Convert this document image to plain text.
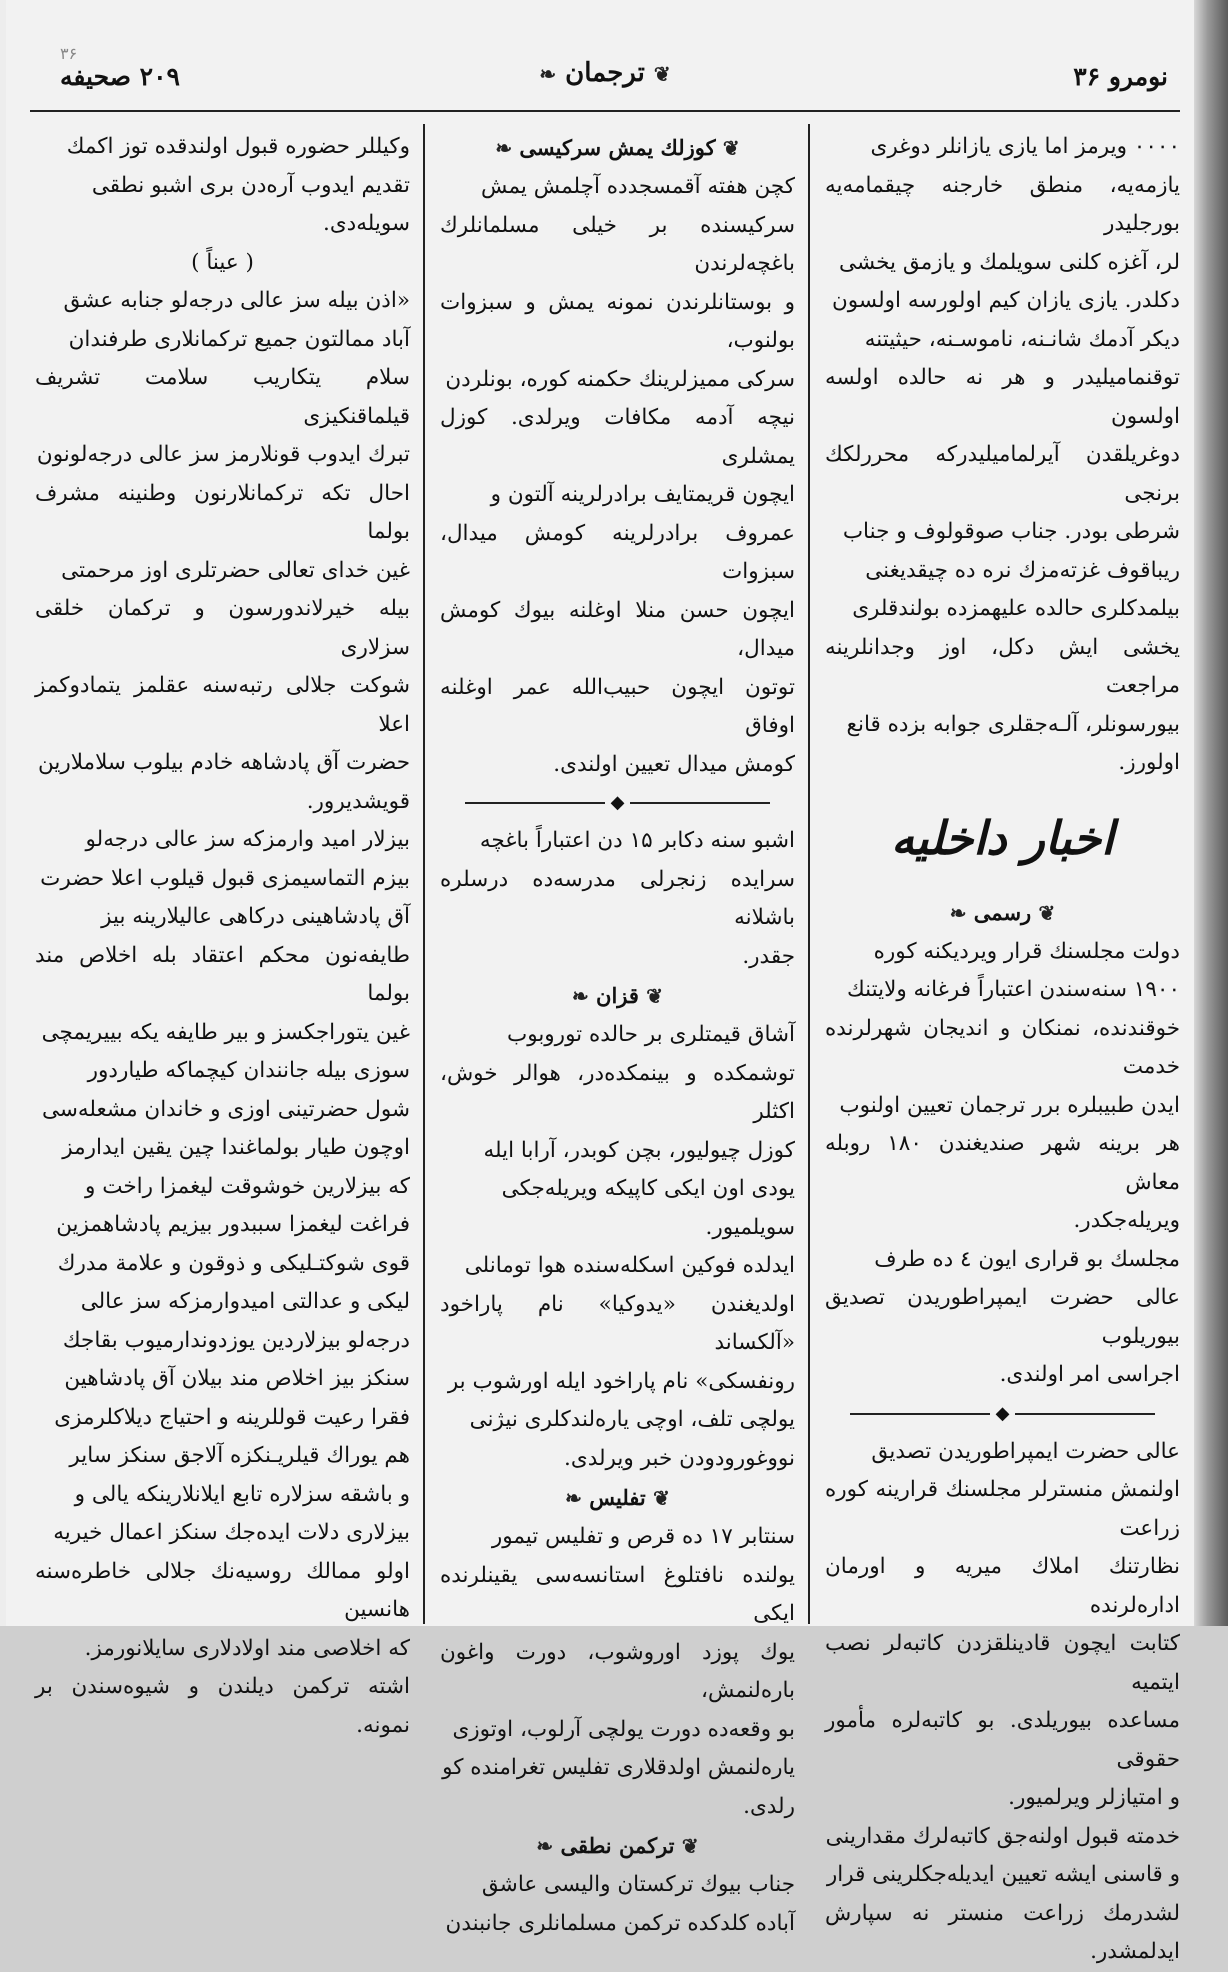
نومرو ۳۶
❦ ترجمان ❧
۳۶
۲۰۹ صحیفه

۰۰۰۰ ویرمز اما یازی یازانلر دوغری

یازمه‌یه، منطق خارجنه چیقمامه‌یه بورجلیدر

لر، آغزه کلنی سویلمك و یازمق یخشی

دکلدر. یازی یازان کیم اولورسه اولسون

دیکر آدمك شانـنه، ناموسـنه، حیثیتنه

توقنمامیلیدر و هر نه حالده اولسه اولسون

دوغریلقدن آیرلمامیلیدرکه محررلکك برنجی

شرطی بودر. جناب صوقولوف و جناب

ریباقوف غزته‌مزك نره ده چیقدیغنی

بیلمدکلری حالده علیهمزده بولندقلری

یخشی ایش دکل، اوز وجدانلرینه مراجعت

بیورسونلر، آلـه‌جقلری جوابه بزده قانع

اولورز.

اخبار داخلیه
❦ رسمی ❧

دولت مجلسنك قرار ویردیکنه کوره

۱۹۰۰ سنه‌سندن اعتباراً فرغانه ولایتنك

خوقندنده، نمنکان و اندیجان شهرلرنده خدمت

ایدن طبیبلره برر ترجمان تعیین اولنوب

هر برینه شهر صندیغندن ۱۸۰ روبله معاش

ویریله‌جکدر.

مجلسك بو قراری ایون ٤ ده طرف

عالی حضرت ایمپراطوریدن تصدیق بیوریلوب

اجراسی امر اولندی.

◆

عالی حضرت ایمپراطوریدن تصدیق

اولنمش منسترلر مجلسنك قرارینه کوره زراعت

نظارتنك املاك میریه و اورمان اداره‌لرنده

کتابت ایچون قادینلقزدن کاتبه‌لر نصب ایتمیه

مساعده بیوریلدی. بو کاتبه‌لره مأمور حقوقی

و امتیازلر ویرلمیور.

خدمته قبول اولنه‌جق کاتبه‌لرك مقدارینی

و قاسنی ایشه تعیین ایدیله‌جکلرینی قرار

لشدرمك زراعت منستر نه سپارش ایدلمشدر.

❦ کوزلك یمش سرکیسی ❧

کچن هفته آقمسجدده آچلمش یمش

سرکیسنده بر خیلی مسلمانلرك باغچه‌لرندن

و بوستانلرندن نمونه یمش و سبزوات بولنوب،

سرکی ممیزلرینك حکمنه کوره، بونلردن

نیچه آدمه مکافات ویرلدی. کوزل یمشلری

ایچون قریمتایف برادرلرینه آلتون و

عمروف برادرلرینه کومش میدال، سبزوات

ایچون حسن منلا اوغلنه بیوك کومش میدال،

توتون ایچون حبیب‌الله عمر اوغلنه اوفاق

کومش میدال تعیین اولندی.

◆

اشبو سنه دکابر ۱۵ دن اعتباراً باغچه

سرایده زنجرلی مدرسه‌ده درسلره باشلانه

جقدر.

❦ قزان ❧

آشاق قیمتلری بر حالده توروبوب

توشمکده و بینمکده‌در، هوالر خوش، اکثلر

کوزل چیولیور، بچن کوبدر، آرابا ایله

یودی اون ایکی کاپیکه ویریله‌جکی

سویلمیور.

ایدلده فوکین اسکله‌سنده هوا تومانلی

اولدیغندن «یدوکیا» نام پاراخود «آلکساند

رونفسکی» نام پاراخود ایله اورشوب بر

یولچی تلف، اوچی یاره‌لندکلری نیژنی

نووغورودودن خبر ویرلدی.

❦ تفلیس ❧

سنتابر ۱۷ ده قرص و تفلیس تیمور

یولنده نافتلوغ استانسه‌سی یقینلرنده ایکی

یوك پوزد اوروشوب، دورت واغون باره‌لنمش،

بو وقعه‌ده دورت یولچی آرلوب، اوتوزی

یاره‌لنمش اولدقلاری تفلیس تغرامنده کو

رلدی.

❦ ترکمن نطقی ❧

جناب بیوك ترکستان والیسی عاشق

آباده کلدکده ترکمن مسلمانلری جانبندن

وکیللر حضوره قبول اولندقده توز اکمك

تقدیم ایدوب آره‌دن بری اشبو نطقی

سویله‌دی.

( عیناً )

«اذن بیله سز عالی درجه‌لو جنابه عشق

آباد ممالتون جمیع ترکمانلاری طرفندان

سلام یتکاریب سلامت تشریف قیلماقنکیزی

تبرك ایدوب قونلارمز سز عالی درجه‌لونون

احال تکه ترکمانلارنون وطنینه مشرف بولما

غین خدای تعالی حضرتلری اوز مرحمتی

بیله خیرلاندورسون و ترکمان خلقی سزلاری

شوکت جلالی رتبه‌سنه عقلمز یتمادوکمز اعلا

حضرت آق پادشاهه خادم بیلوب سلاملارین

قویشدیرور.

بیزلار امید وارمزکه سز عالی درجه‌لو

بیزم التماسیمزی قبول قیلوب اعلا حضرت

آق پادشاهینی درکاهی عالیلارینه بیز

طایفه‌نون محکم اعتقاد بله اخلاص مند بولما

غین یتوراجکسز و بیر طایفه یکه بییریمچی

سوزی بیله جانندان کیچماکه طیاردور

شول حضرتینی اوزی و خاندان مشعله‌سی

اوچون طیار بولماغندا چین یقین ایدارمز

که بیزلارین خوشوقت لیغمزا راخت و

فراغت لیغمزا سببدور بیزیم پادشاهمزین

قوی شوکتـلیکی و ذوقون و علامة مدرك

لیکی و عدالتی امیدوارمزکه سز عالی

درجه‌لو بیزلاردین یوزدوندارمیوب بقاجك

سنکز بیز اخلاص مند بیلان آق پادشاهین

فقرا رعیت قوللرینه و احتیاج دیلاکلرمزی

هم یوراك قیلریـنکزه آلاجق سنکز سایر

و باشقه سزلاره تابع ایلانلارینکه یالی و

بیزلاری دلات ایده‌جك سنکز اعمال خیریه

اولو ممالك روسیه‌نك جلالی خاطره‌سنه هانسین

که اخلاصی مند اولادلاری سایلانورمز.

اشته ترکمن دیلندن و شیوه‌سندن بر نمونه.
